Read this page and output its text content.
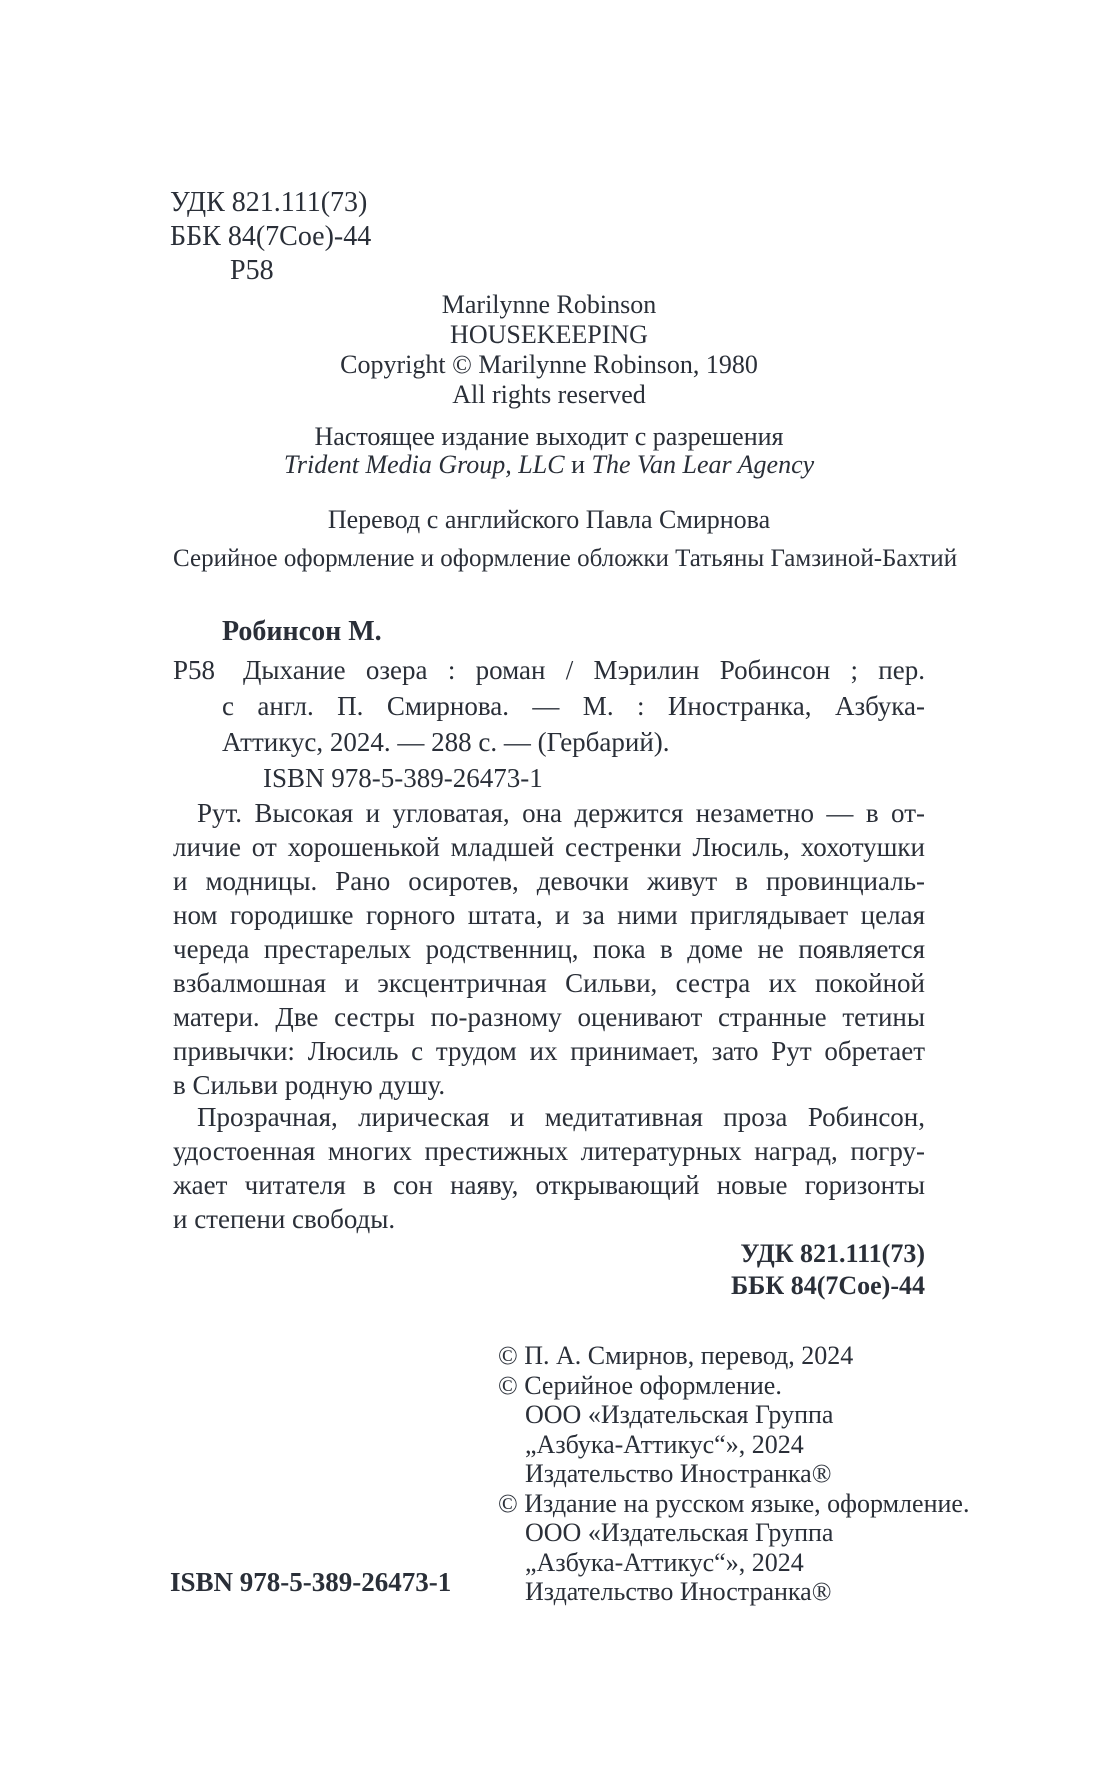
УДК 821.111(73)
ББК 84(7Сое)-44
Р58
Marilynne Robinson
HOUSEKEEPING
Copyright © Marilynne Robinson, 1980
All rights reserved
Настоящее издание выходит с разрешения
Trident Media Group, LLC и The Van Lear Agency
Перевод с английского Павла Смирнова
Серийное оформление и оформление обложки Татьяны Гамзиной-Бахтий
Робинсон М.
Р58	Дыхание озера : роман / Мэрилин Робинсон ; пер.
с англ. П. Смирнова. — М. : Иностранка, Азбука-
Аттикус, 2024. — 288 с. — (Гербарий).
ISBN 978-5-389-26473-1
Рут. Высокая и угловатая, она держится незаметно — в от-
личие от хорошенькой младшей сестренки Люсиль, хохотушки
и модницы. Рано осиротев, девочки живут в провинциаль-
ном городишке горного штата, и за ними приглядывает целая
череда престарелых родственниц, пока в доме не появляется
взбалмошная и эксцентричная Сильви, сестра их покойной
матери. Две сестры по-разному оценивают странные тетины
привычки: Люсиль с трудом их принимает, зато Рут обретает
в Сильви родную душу.
Прозрачная, лирическая и медитативная проза Робинсон,
удостоенная многих престижных литературных наград, погру-
жает читателя в сон наяву, открывающий новые горизонты
и степени свободы.
УДК 821.111(73)
ББК 84(7Сое)-44
© П. А. Смирнов, перевод, 2024
© Серийное оформление.
ООО «Издательская Группа
„Азбука-Аттикус“», 2024
Издательство Иностранка®
© Издание на русском языке, оформление.
ООО «Издательская Группа
„Азбука-Аттикус“», 2024
Издательство Иностранка®
ISBN 978-5-389-26473-1
